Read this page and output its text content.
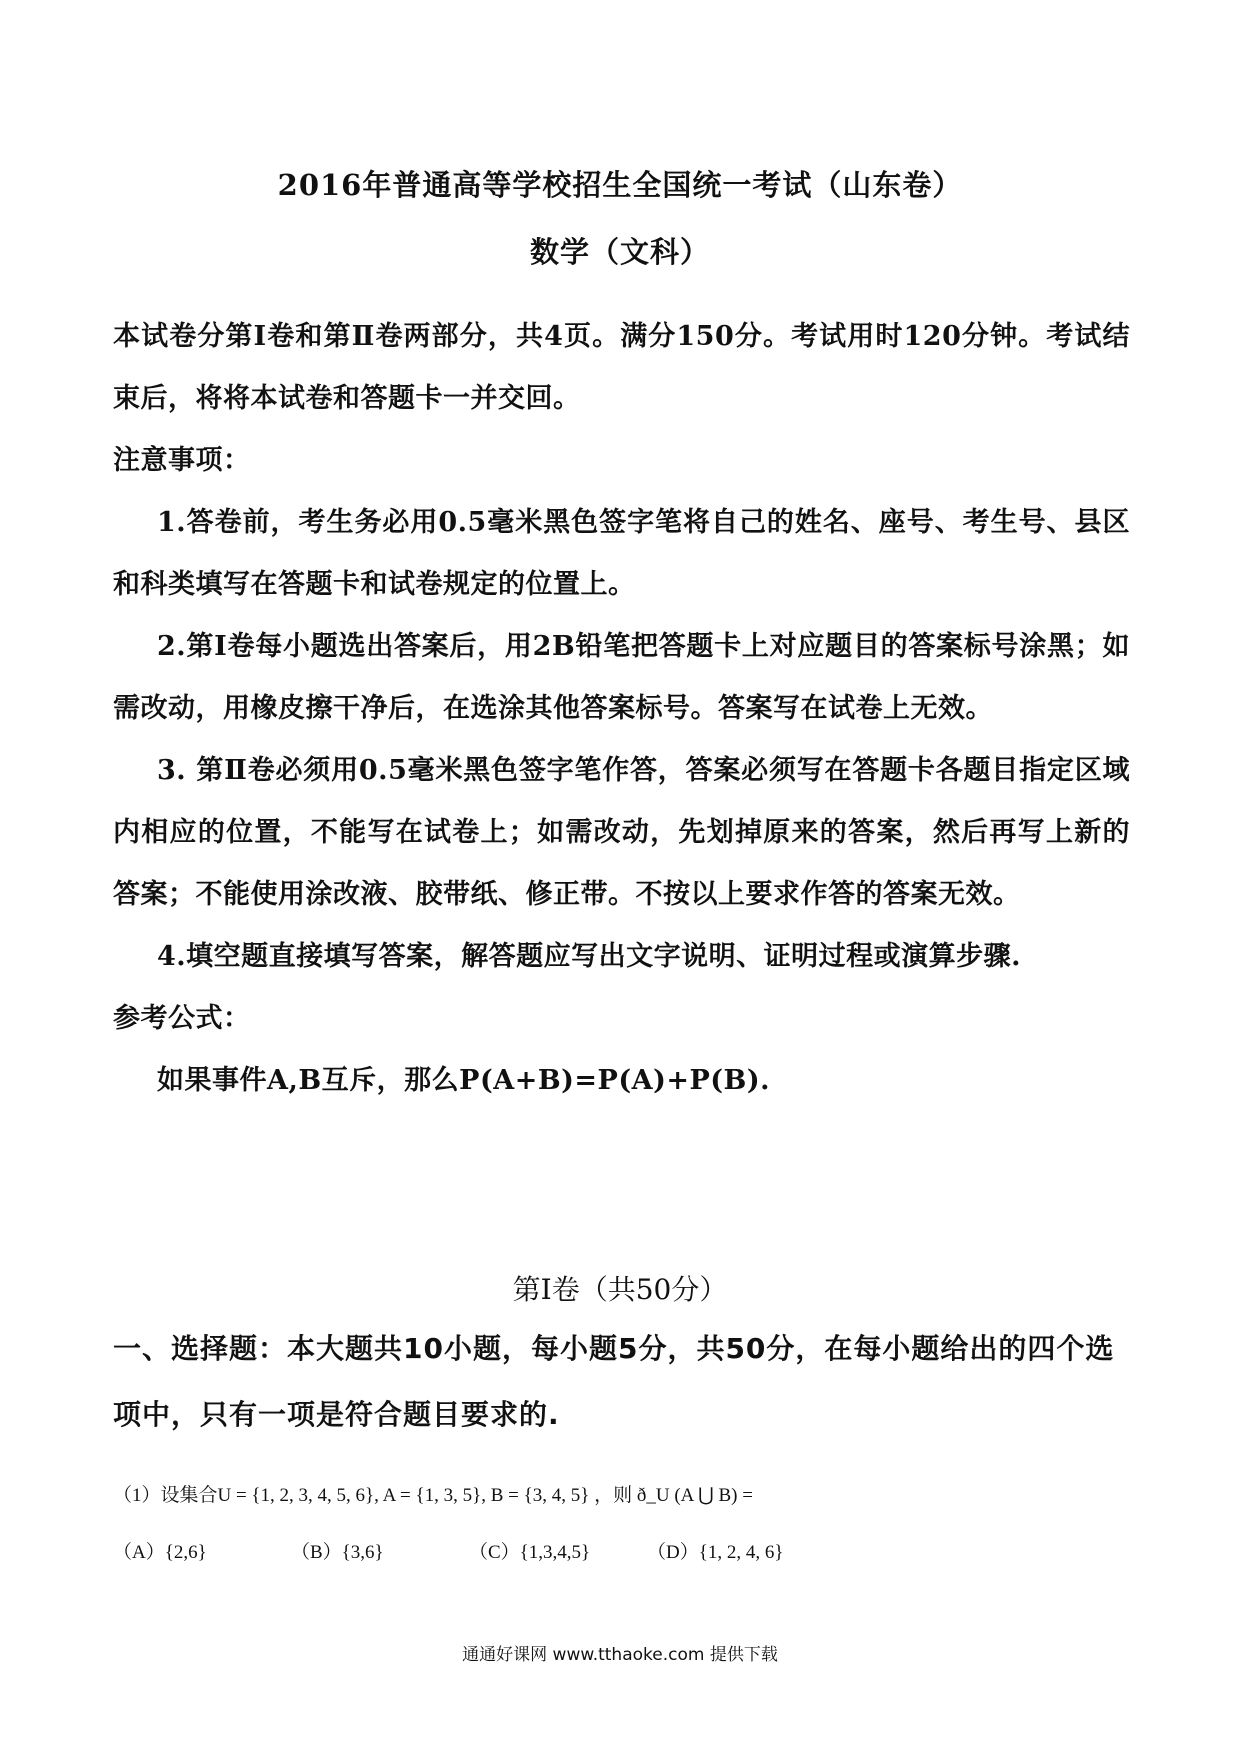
2016年普通高等学校招生全国统一考试（山东卷）
数学（文科）
本试卷分第Ⅰ卷和第Ⅱ卷两部分，共4页。满分150分。考试用时120分钟。考试结束后，将将本试卷和答题卡一并交回。
注意事项：
1.答卷前，考生务必用0.5毫米黑色签字笔将自己的姓名、座号、考生号、县区和科类填写在答题卡和试卷规定的位置上。
2.第Ⅰ卷每小题选出答案后，用2B铅笔把答题卡上对应题目的答案标号涂黑；如需改动，用橡皮擦干净后，在选涂其他答案标号。答案写在试卷上无效。
3. 第Ⅱ卷必须用0.5毫米黑色签字笔作答，答案必须写在答题卡各题目指定区域内相应的位置，不能写在试卷上；如需改动，先划掉原来的答案，然后再写上新的答案；不能使用涂改液、胶带纸、修正带。不按以上要求作答的答案无效。
4.填空题直接填写答案，解答题应写出文字说明、证明过程或演算步骤.
参考公式：
如果事件A,B互斥，那么P(A+B)=P(A)+P(B).
第Ⅰ卷（共50分）
一、选择题：本大题共10小题，每小题5分，共50分，在每小题给出的四个选项中，只有一项是符合题目要求的.
（1）设集合U = {1, 2, 3, 4, 5, 6}, A = {1, 3, 5}, B = {3, 4, 5} ，则 ð_U (A ⋃ B) =
（A）{2,6}	（B）{3,6}	（C）{1,3,4,5}	（D）{1, 2, 4, 6}
通通好课网 www.tthaoke.com 提供下载
